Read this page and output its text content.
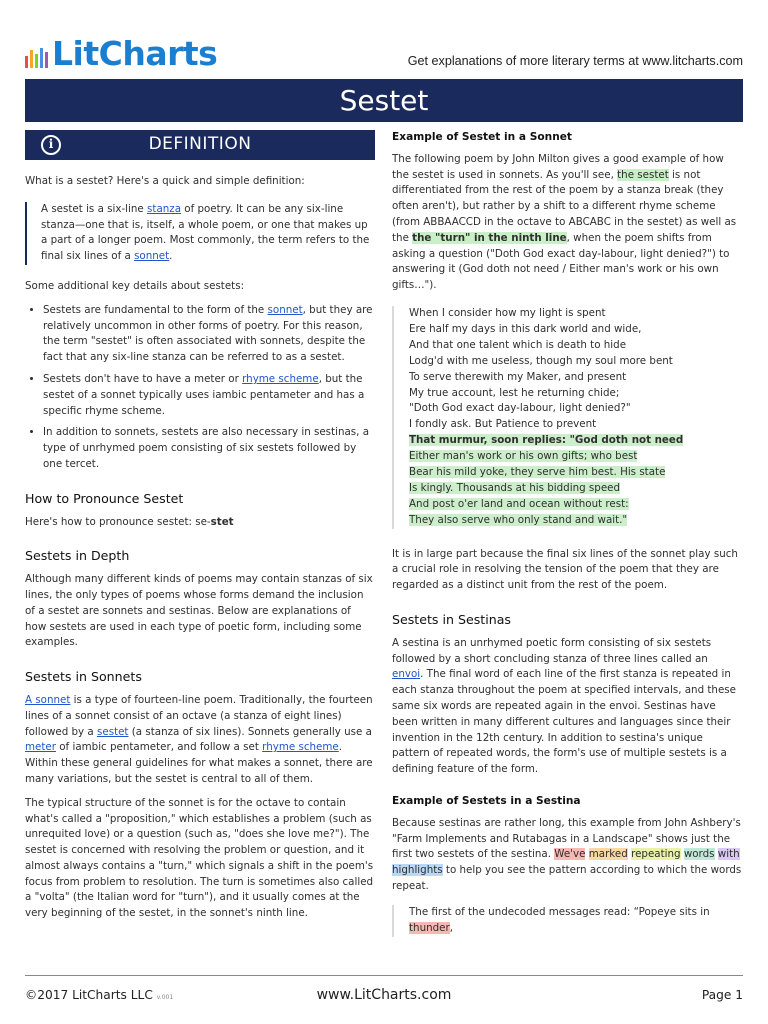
LitCharts	Get explanations of more literary terms at www.litcharts.com
Sestet
i	DEFINITION

What is a sestet? Here's a quick and simple definition:

A sestet is a six-line stanza of poetry. It can be any six-line stanza—one that is, itself, a whole poem, or one that makes up a part of a longer poem. Most commonly, the term refers to the final six lines of a sonnet.

Some additional key details about sestets:

• Sestets are fundamental to the form of the sonnet, but they are relatively uncommon in other forms of poetry. For this reason, the term "sestet" is often associated with sonnets, despite the fact that any six-line stanza can be referred to as a sestet.
• Sestets don't have to have a meter or rhyme scheme, but the sestet of a sonnet typically uses iambic pentameter and has a specific rhyme scheme.
• In addition to sonnets, sestets are also necessary in sestinas, a type of unrhymed poem consisting of six sestets followed by one tercet.
How to Pronounce Sestet

Here's how to pronounce sestet: se-stet

Sestets in Depth

Although many different kinds of poems may contain stanzas of six lines, the only types of poems whose forms demand the inclusion of a sestet are sonnets and sestinas. Below are explanations of how sestets are used in each type of poetic form, including some examples.

Sestets in Sonnets

A sonnet is a type of fourteen-line poem. Traditionally, the fourteen lines of a sonnet consist of an octave (a stanza of eight lines) followed by a sestet (a stanza of six lines). Sonnets generally use a meter of iambic pentameter, and follow a set rhyme scheme. Within these general guidelines for what makes a sonnet, there are many variations, but the sestet is central to all of them.

The typical structure of the sonnet is for the octave to contain what's called a "proposition," which establishes a problem (such as unrequited love) or a question (such as, "does she love me?"). The sestet is concerned with resolving the problem or question, and it almost always contains a "turn," which signals a shift in the poem's focus from problem to resolution. The turn is sometimes also called a "volta" (the Italian word for "turn"), and it usually comes at the very beginning of the sestet, in the sonnet's ninth line.

Example of Sestet in a Sonnet

The following poem by John Milton gives a good example of how the sestet is used in sonnets. As you'll see, the sestet is not differentiated from the rest of the poem by a stanza break (they often aren't), but rather by a shift to a different rhyme scheme (from ABBAACCD in the octave to ABCABC in the sestet) as well as the the "turn" in the ninth line, when the poem shifts from asking a question ("Doth God exact day-labour, light denied?") to answering it (God doth not need / Either man's work or his own gifts…").

When I consider how my light is spent
Ere half my days in this dark world and wide,
And that one talent which is death to hide
Lodg'd with me useless, though my soul more bent
To serve therewith my Maker, and present
My true account, lest he returning chide;
"Doth God exact day-labour, light denied?"
I fondly ask. But Patience to prevent
That murmur, soon replies: "God doth not need
Either man's work or his own gifts; who best
Bear his mild yoke, they serve him best. His state
Is kingly. Thousands at his bidding speed
And post o'er land and ocean without rest:
They also serve who only stand and wait."

It is in large part because the final six lines of the sonnet play such a crucial role in resolving the tension of the poem that they are regarded as a distinct unit from the rest of the poem.

Sestets in Sestinas

A sestina is an unrhymed poetic form consisting of six sestets followed by a short concluding stanza of three lines called an envoi. The final word of each line of the first stanza is repeated in each stanza throughout the poem at specified intervals, and these same six words are repeated again in the envoi. Sestinas have been written in many different cultures and languages since their invention in the 12th century. In addition to sestina's unique pattern of repeated words, the form's use of multiple sestets is a defining feature of the form.

Example of Sestets in a Sestina

Because sestinas are rather long, this example from John Ashbery's "Farm Implements and Rutabagas in a Landscape" shows just the first two sestets of the sestina. We've marked repeating words with highlights to help you see the pattern according to which the words repeat.

The first of the undecoded messages read: “Popeye sits in thunder,
©2017 LitCharts LLC v.001	www.LitCharts.com	Page 1
